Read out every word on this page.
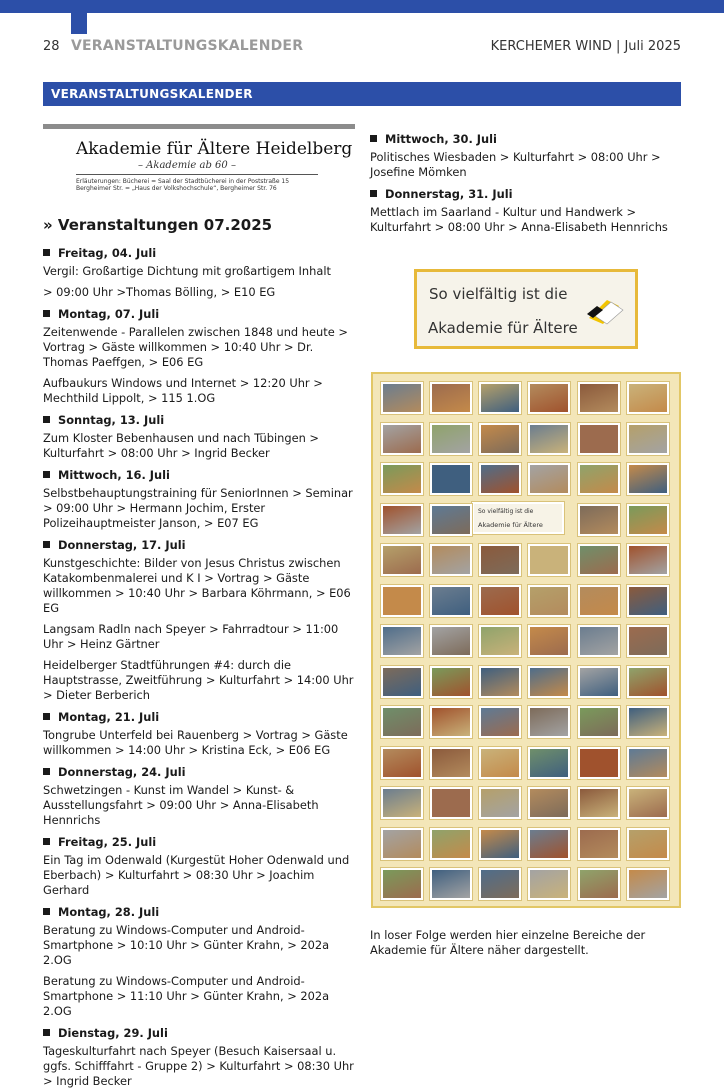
28 VERANSTALTUNGSKALENDER	KERCHEMER WIND | Juli 2025
VERANSTALTUNGSKALENDER
Akademie für Ältere Heidelberg
– Akademie ab 60 –
Erläuterungen: Bücherei = Saal der Stadtbücherei in der Poststraße 15
Bergheimer Str. = „Haus der Volkshochschule“, Bergheimer Str. 76
» Veranstaltungen 07.2025
Freitag, 04. Juli
Vergil: Großartige Dichtung mit großartigem Inhalt
> 09:00 Uhr >Thomas Bölling, > E10 EG
Montag, 07. Juli
Zeitenwende - Parallelen zwischen 1848 und heute > Vortrag > Gäste willkommen > 10:40 Uhr > Dr. Thomas Paeffgen, > E06 EG
Aufbaukurs Windows und Internet > 12:20 Uhr > Mechthild Lippolt, > 115 1.OG
Sonntag, 13. Juli
Zum Kloster Bebenhausen und nach Tübingen > Kulturfahrt > 08:00 Uhr > Ingrid Becker
Mittwoch, 16. Juli
Selbstbehauptungstraining für SeniorInnen > Seminar > 09:00 Uhr > Hermann Jochim, Erster Polizeihauptmeister Janson, > E07 EG
Donnerstag, 17. Juli
Kunstgeschichte: Bilder von Jesus Christus zwischen Katakombenmalerei und K I > Vortrag > Gäste willkommen > 10:40 Uhr > Barbara Köhrmann, > E06 EG
Langsam Radln nach Speyer > Fahrradtour > 11:00 Uhr > Heinz Gärtner
Heidelberger Stadtführungen #4: durch die Hauptstrasse, Zweitführung > Kulturfahrt > 14:00 Uhr > Dieter Berberich
Montag, 21. Juli
Tongrube Unterfeld bei Rauenberg > Vortrag > Gäste willkommen > 14:00 Uhr > Kristina Eck, > E06 EG
Donnerstag, 24. Juli
Schwetzingen - Kunst im Wandel > Kunst- & Ausstellungsfahrt > 09:00 Uhr > Anna-Elisabeth Hennrichs
Freitag, 25. Juli
Ein Tag im Odenwald (Kurgestüt Hoher Odenwald und Eberbach) > Kulturfahrt > 08:30 Uhr > Joachim Gerhard
Montag, 28. Juli
Beratung zu Windows-Computer und Android-Smartphone > 10:10 Uhr > Günter Krahn, > 202a 2.OG
Beratung zu Windows-Computer und Android-Smartphone > 11:10 Uhr > Günter Krahn, > 202a 2.OG
Dienstag, 29. Juli
Tageskulturfahrt nach Speyer (Besuch Kaisersaal u. ggfs. Schifffahrt - Gruppe 2) > Kulturfahrt > 08:30 Uhr > Ingrid Becker
Mittwoch, 30. Juli
Politisches Wiesbaden > Kulturfahrt > 08:00 Uhr > Josefine Mömken
Donnerstag, 31. Juli
Mettlach im Saarland - Kultur und Handwerk > Kulturfahrt > 08:00 Uhr > Anna-Elisabeth Hennrichs
So vielfältig ist die
Akademie für Ältere
So vielfältig ist die
Akademie für Ältere
In loser Folge werden hier einzelne Bereiche der Akademie für Ältere näher dargestellt.
